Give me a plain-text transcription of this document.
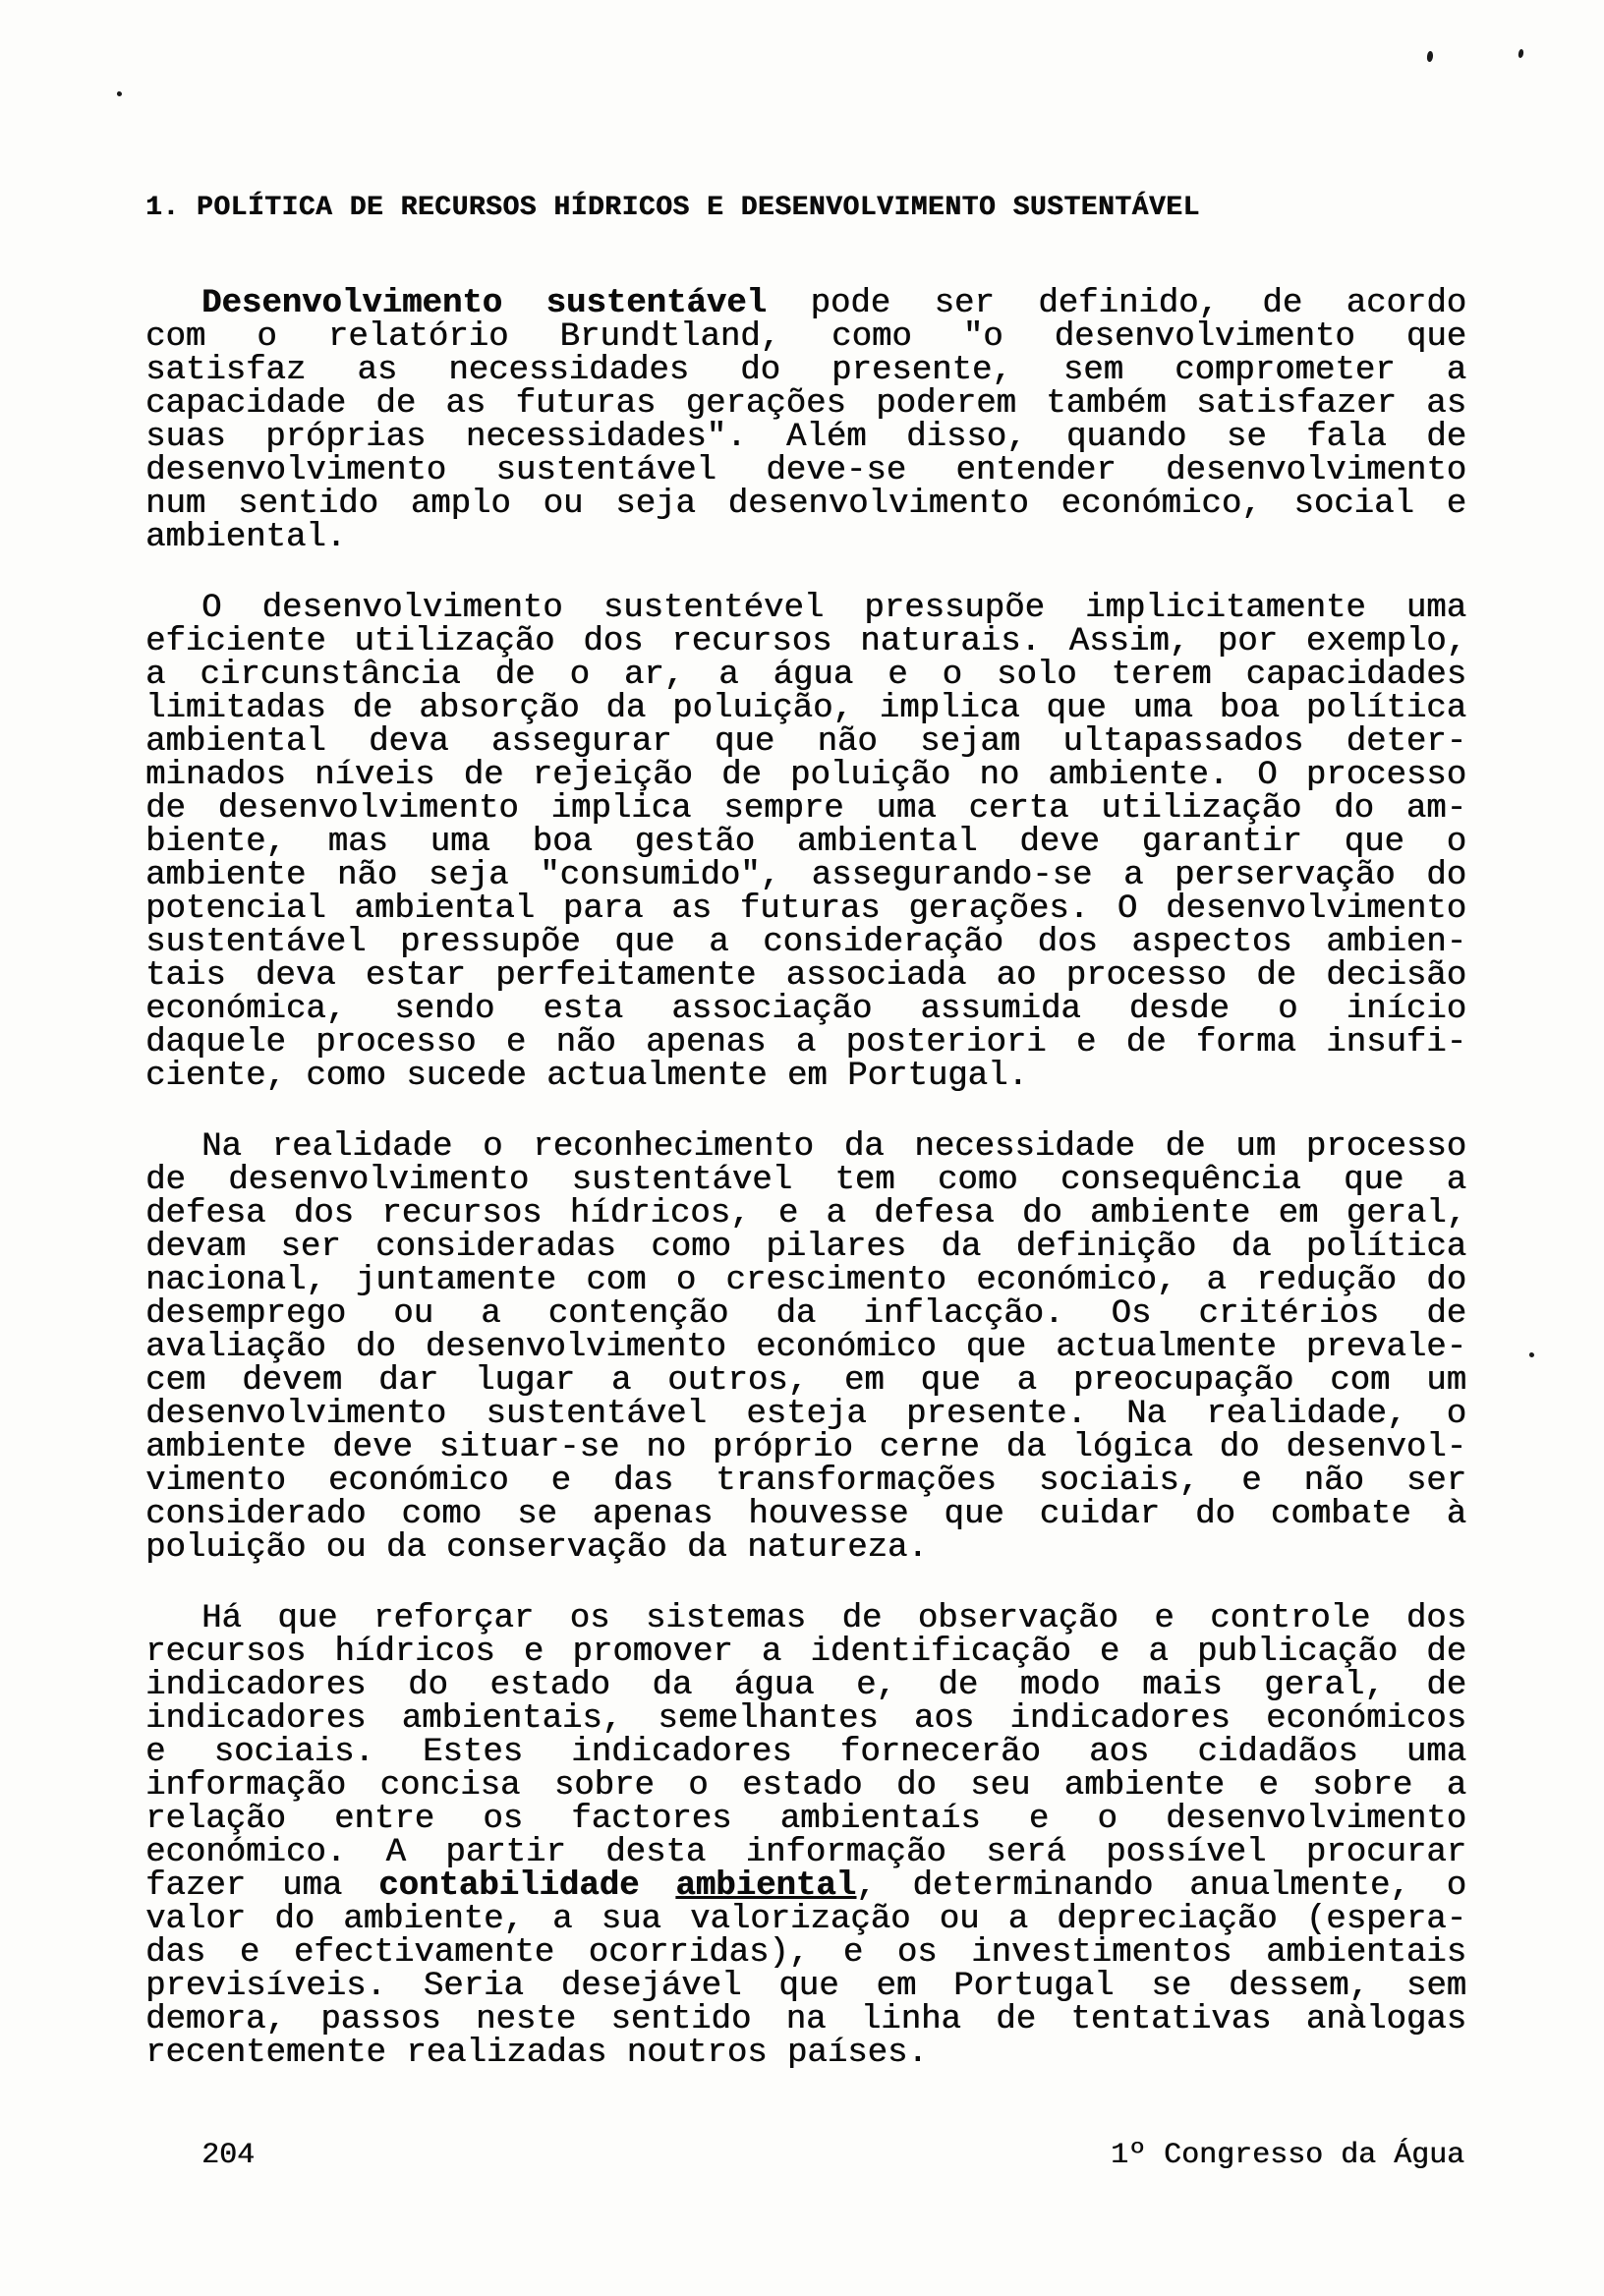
1. POLÍTICA DE RECURSOS HÍDRICOS E DESENVOLVIMENTO SUSTENTÁVEL
Desenvolvimento sustentável pode ser definido, de acordo
com o relatório Brundtland, como "o desenvolvimento que
satisfaz as necessidades do presente, sem comprometer a
capacidade de as futuras gerações poderem também satisfazer as
suas próprias necessidades". Além disso, quando se fala de
desenvolvimento sustentável deve-se entender desenvolvimento
num sentido amplo ou seja desenvolvimento económico, social e
ambiental.
O desenvolvimento sustentével pressupõe implicitamente uma
eficiente utilização dos recursos naturais. Assim, por exemplo,
a circunstância de o ar, a água e o solo terem capacidades
limitadas de absorção da poluição, implica que uma boa política
ambiental deva assegurar que não sejam ultapassados deter-
minados níveis de rejeição de poluição no ambiente. O processo
de desenvolvimento implica sempre uma certa utilização do am-
biente, mas uma boa gestão ambiental deve garantir que o
ambiente não seja "consumido", assegurando-se a perservação do
potencial ambiental para as futuras gerações. O desenvolvimento
sustentável pressupõe que a consideração dos aspectos ambien-
tais deva estar perfeitamente associada ao processo de decisão
económica, sendo esta associação assumida desde o início
daquele processo e não apenas a posteriori e de forma insufi-
ciente, como sucede actualmente em Portugal.
Na realidade o reconhecimento da necessidade de um processo
de desenvolvimento sustentável tem como consequência que a
defesa dos recursos hídricos, e a defesa do ambiente em geral,
devam ser consideradas como pilares da definição da política
nacional, juntamente com o crescimento económico, a redução do
desemprego ou a contenção da inflacção. Os critérios de
avaliação do desenvolvimento económico que actualmente prevale-
cem devem dar lugar a outros, em que a preocupação com um
desenvolvimento sustentável esteja presente. Na realidade, o
ambiente deve situar-se no próprio cerne da lógica do desenvol-
vimento económico e das transformações sociais, e não ser
considerado como se apenas houvesse que cuidar do combate à
poluição ou da conservação da natureza.
Há que reforçar os sistemas de observação e controle dos
recursos hídricos e promover a identificação e a publicação de
indicadores do estado da água e, de modo mais geral, de
indicadores ambientais, semelhantes aos indicadores económicos
e sociais. Estes indicadores fornecerão aos cidadãos uma
informação concisa sobre o estado do seu ambiente e sobre a
relação entre os factores ambientaís e o desenvolvimento
económico. A partir desta informação será possível procurar
fazer uma contabilidade ambiental, determinando anualmente, o
valor do ambiente, a sua valorização ou a depreciação (espera-
das e efectivamente ocorridas), e os investimentos ambientais
previsíveis. Seria desejável que em Portugal se dessem, sem
demora, passos neste sentido na linha de tentativas anàlogas
recentemente realizadas noutros países.
204	1º Congresso da Água
